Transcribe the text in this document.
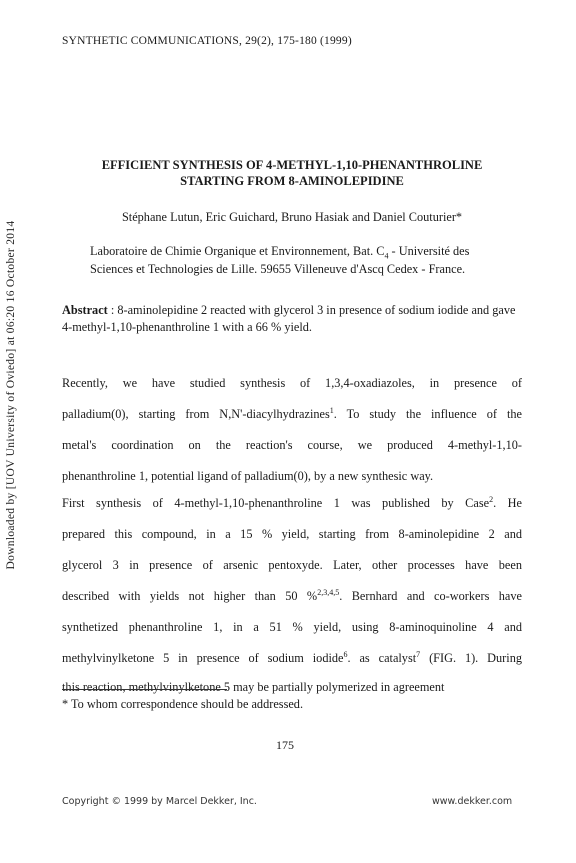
SYNTHETIC COMMUNICATIONS, 29(2), 175-180 (1999)
Downloaded by [UOV University of Oviedo] at 06:20 16 October 2014
EFFICIENT SYNTHESIS OF 4-METHYL-1,10-PHENANTHROLINE
STARTING FROM 8-AMINOLEPIDINE
Stéphane Lutun, Eric Guichard, Bruno Hasiak and Daniel Couturier*
Laboratoire de Chimie Organique et Environnement, Bat. $C_4$ - Université des
Sciences et Technologies de Lille. 59655 Villeneuve d'Ascq Cedex - France.
Abstract : 8-aminolepidine 2 reacted with glycerol 3 in presence of sodium iodide and gave 4-methyl-1,10-phenanthroline 1 with a 66 % yield.
Recently, we have studied synthesis of 1,3,4-oxadiazoles, in presence of
palladium(0), starting from N,N'-diacylhydrazines$^1$. To study the influence of the
metal's coordination on the reaction's course, we produced 4-methyl-1,10-
phenanthroline 1, potential ligand of palladium(0), by a new synthesic way.
First synthesis of 4-methyl-1,10-phenanthroline 1 was published by Case$^2$. He
prepared this compound, in a 15 % yield, starting from 8-aminolepidine 2 and
glycerol 3 in presence of arsenic pentoxyde. Later, other processes have been
described with yields not higher than 50 %$^{2,3,4,5}$. Bernhard and co-workers have
synthetized phenanthroline 1, in a 51 % yield, using 8-aminoquinoline 4 and
methylvinylketone 5 in presence of sodium iodide$^6$. as catalyst$^7$ (FIG. 1). During
this reaction, methylvinylketone 5 may be partially polymerized in agreement
* To whom correspondence should be addressed.
175
Copyright © 1999 by Marcel Dekker, Inc.	www.dekker.com
